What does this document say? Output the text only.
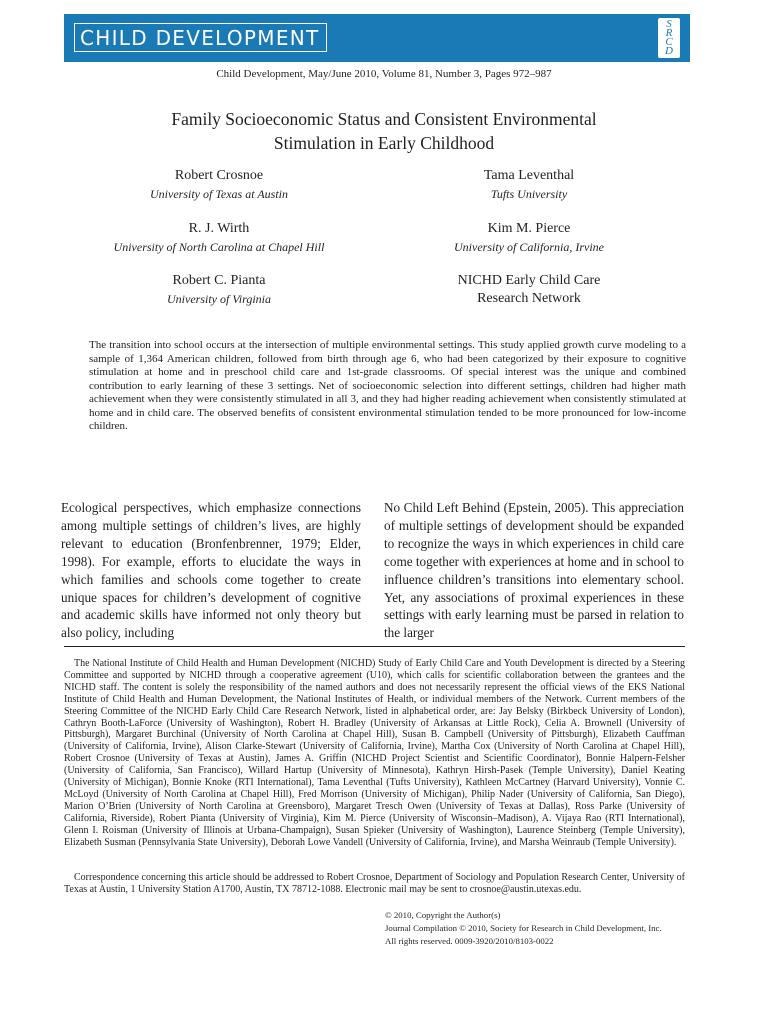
CHILD DEVELOPMENT
S
R
C
D
Child Development, May/June 2010, Volume 81, Number 3, Pages 972–987
Family Socioeconomic Status and Consistent Environmental
Stimulation in Early Childhood
Robert Crosnoe
University of Texas at Austin
Tama Leventhal
Tufts University
R. J. Wirth
University of North Carolina at Chapel Hill
Kim M. Pierce
University of California, Irvine
Robert C. Pianta
University of Virginia
NICHD Early Child Care
Research Network

The transition into school occurs at the intersection of multiple environmental settings. This study applied growth curve modeling to a sample of 1,364 American children, followed from birth through age 6, who had been categorized by their exposure to cognitive stimulation at home and in preschool child care and 1st-grade classrooms. Of special interest was the unique and combined contribution to early learning of these 3 settings. Net of socioeconomic selection into different settings, children had higher math achievement when they were consistently stimulated in all 3, and they had higher reading achievement when consistently stimulated at home and in child care. The observed benefits of consistent environmental stimulation tended to be more pronounced for low-income children.

Ecological perspectives, which emphasize connections among multiple settings of children’s lives, are highly relevant to education (Bronfenbrenner, 1979; Elder, 1998). For example, efforts to elucidate the ways in which families and schools come together to create unique spaces for children’s development of cognitive and academic skills have informed not only theory but also policy, including

No Child Left Behind (Epstein, 2005). This appreciation of multiple settings of development should be expanded to recognize the ways in which experiences in child care come together with experiences at home and in school to influence children’s transitions into elementary school. Yet, any associations of proximal experiences in these settings with early learning must be parsed in relation to the larger

The National Institute of Child Health and Human Development (NICHD) Study of Early Child Care and Youth Development is directed by a Steering Committee and supported by NICHD through a cooperative agreement (U10), which calls for scientific collaboration between the grantees and the NICHD staff. The content is solely the responsibility of the named authors and does not necessarily represent the official views of the EKS National Institute of Child Health and Human Development, the National Institutes of Health, or individual members of the Network. Current members of the Steering Committee of the NICHD Early Child Care Research Network, listed in alphabetical order, are: Jay Belsky (Birkbeck University of London), Cathryn Booth-LaForce (University of Washington), Robert H. Bradley (University of Arkansas at Little Rock), Celia A. Brownell (University of Pittsburgh), Margaret Burchinal (University of North Carolina at Chapel Hill), Susan B. Campbell (University of Pittsburgh), Elizabeth Cauffman (University of California, Irvine), Alison Clarke-Stewart (University of California, Irvine), Martha Cox (University of North Carolina at Chapel Hill), Robert Crosnoe (University of Texas at Austin), James A. Griffin (NICHD Project Scientist and Scientific Coordinator), Bonnie Halpern-Felsher (University of California, San Francisco), Willard Hartup (University of Minnesota), Kathryn Hirsh-Pasek (Temple University), Daniel Keating (University of Michigan), Bonnie Knoke (RTI International), Tama Leventhal (Tufts University), Kathleen McCartney (Harvard University), Vonnie C. McLoyd (University of North Carolina at Chapel Hill), Fred Morrison (University of Michigan), Philip Nader (University of California, San Diego), Marion O’Brien (University of North Carolina at Greensboro), Margaret Tresch Owen (University of Texas at Dallas), Ross Parke (University of California, Riverside), Robert Pianta (University of Virginia), Kim M. Pierce (University of Wisconsin–Madison), A. Vijaya Rao (RTI International), Glenn I. Roisman (University of Illinois at Urbana-Champaign), Susan Spieker (University of Washington), Laurence Steinberg (Temple University), Elizabeth Susman (Pennsylvania State University), Deborah Lowe Vandell (University of California, Irvine), and Marsha Weinraub (Temple University).

Correspondence concerning this article should be addressed to Robert Crosnoe, Department of Sociology and Population Research Center, University of Texas at Austin, 1 University Station A1700, Austin, TX 78712-1088. Electronic mail may be sent to crosnoe@austin.utexas.edu.

© 2010, Copyright the Author(s)
Journal Compilation © 2010, Society for Research in Child Development, Inc.
All rights reserved. 0009-3920/2010/8103-0022
